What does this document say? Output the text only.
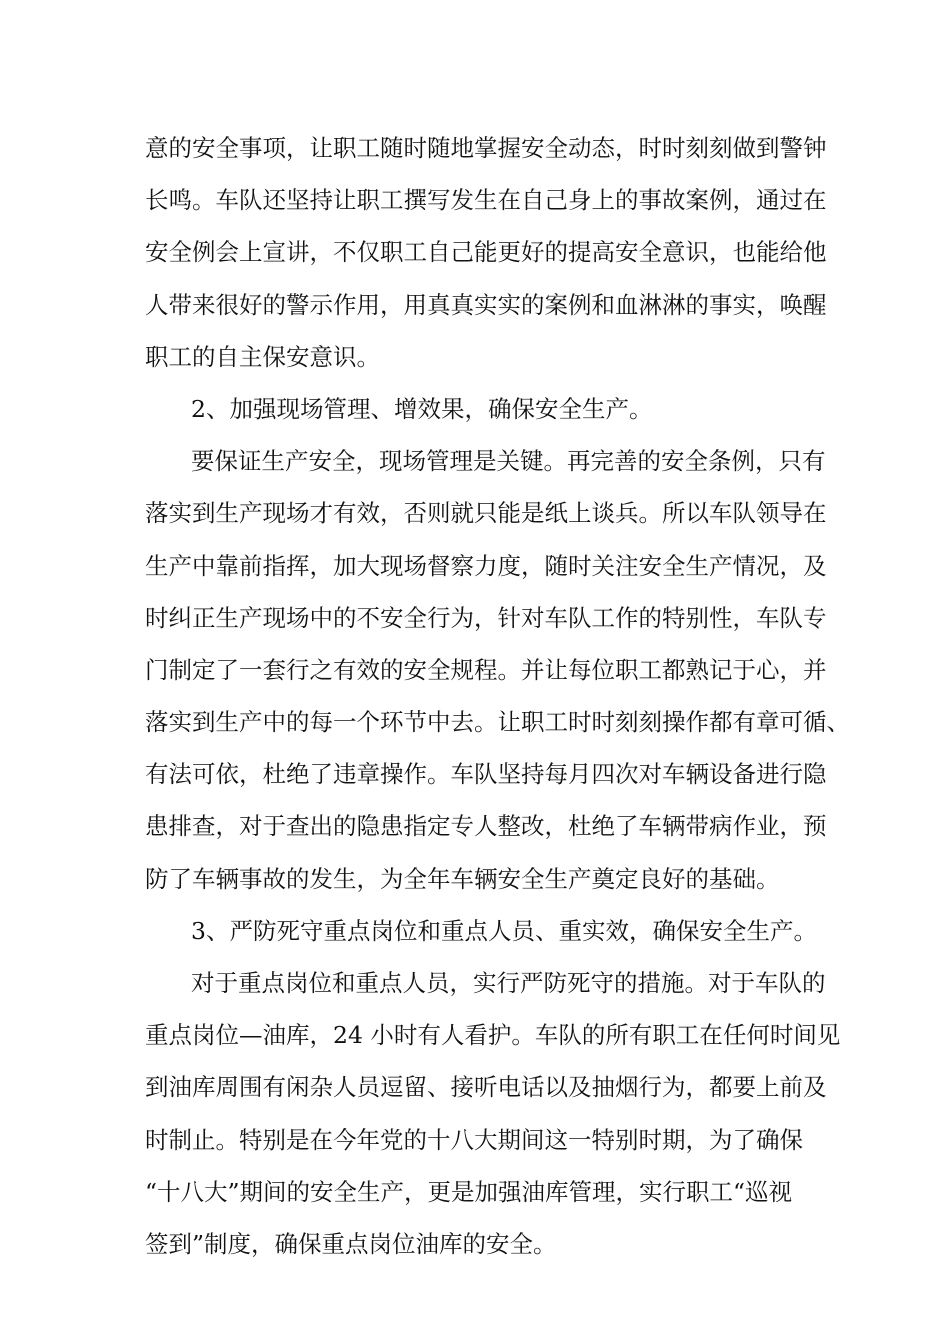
意的安全事项，让职工随时随地掌握安全动态，时时刻刻做到警钟
长鸣。车队还坚持让职工撰写发生在自己身上的事故案例，通过在
安全例会上宣讲，不仅职工自己能更好的提高安全意识，也能给他
人带来很好的警示作用，用真真实实的案例和血淋淋的事实，唤醒
职工的自主保安意识。
2、加强现场管理、增效果，确保安全生产。
要保证生产安全，现场管理是关键。再完善的安全条例，只有
落实到生产现场才有效，否则就只能是纸上谈兵。所以车队领导在
生产中靠前指挥，加大现场督察力度，随时关注安全生产情况，及
时纠正生产现场中的不安全行为，针对车队工作的特别性，车队专
门制定了一套行之有效的安全规程。并让每位职工都熟记于心，并
落实到生产中的每一个环节中去。让职工时时刻刻操作都有章可循、
有法可依，杜绝了违章操作。车队坚持每月四次对车辆设备进行隐
患排查，对于查出的隐患指定专人整改，杜绝了车辆带病作业，预
防了车辆事故的发生，为全年车辆安全生产奠定良好的基础。
3、严防死守重点岗位和重点人员、重实效，确保安全生产。
对于重点岗位和重点人员，实行严防死守的措施。对于车队的
重点岗位—油库，24 小时有人看护。车队的所有职工在任何时间见
到油库周围有闲杂人员逗留、接听电话以及抽烟行为，都要上前及
时制止。特别是在今年党的十八大期间这一特别时期，为了确保
“十八大”期间的安全生产，更是加强油库管理，实行职工“巡视
签到”制度，确保重点岗位油库的安全。
